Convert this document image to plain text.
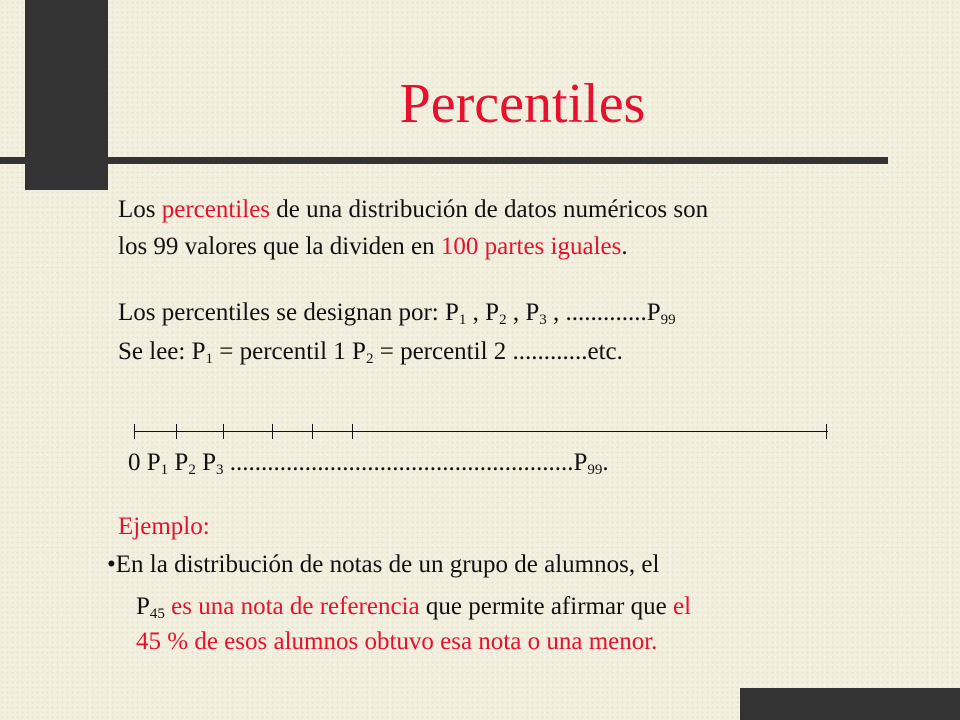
Percentiles
Los percentiles de una distribución de datos numéricos son
los 99 valores que la dividen en 100 partes iguales.
Los percentiles se designan por: $P_1$ , $P_2$ , $P_3$ , $.............P_{99}$
Se lee: $P_1$ = percentil 1 $P_2$ = percentil 2 ............etc.
0 $P_1$ $P_2$ $P_3$ $.......................................................P_{99}$.
Ejemplo:
•En la distribución de notas de un grupo de alumnos, el
$P_{45}$ es una nota de referencia que permite afirmar que el
45 % de esos alumnos obtuvo esa nota o una menor.
